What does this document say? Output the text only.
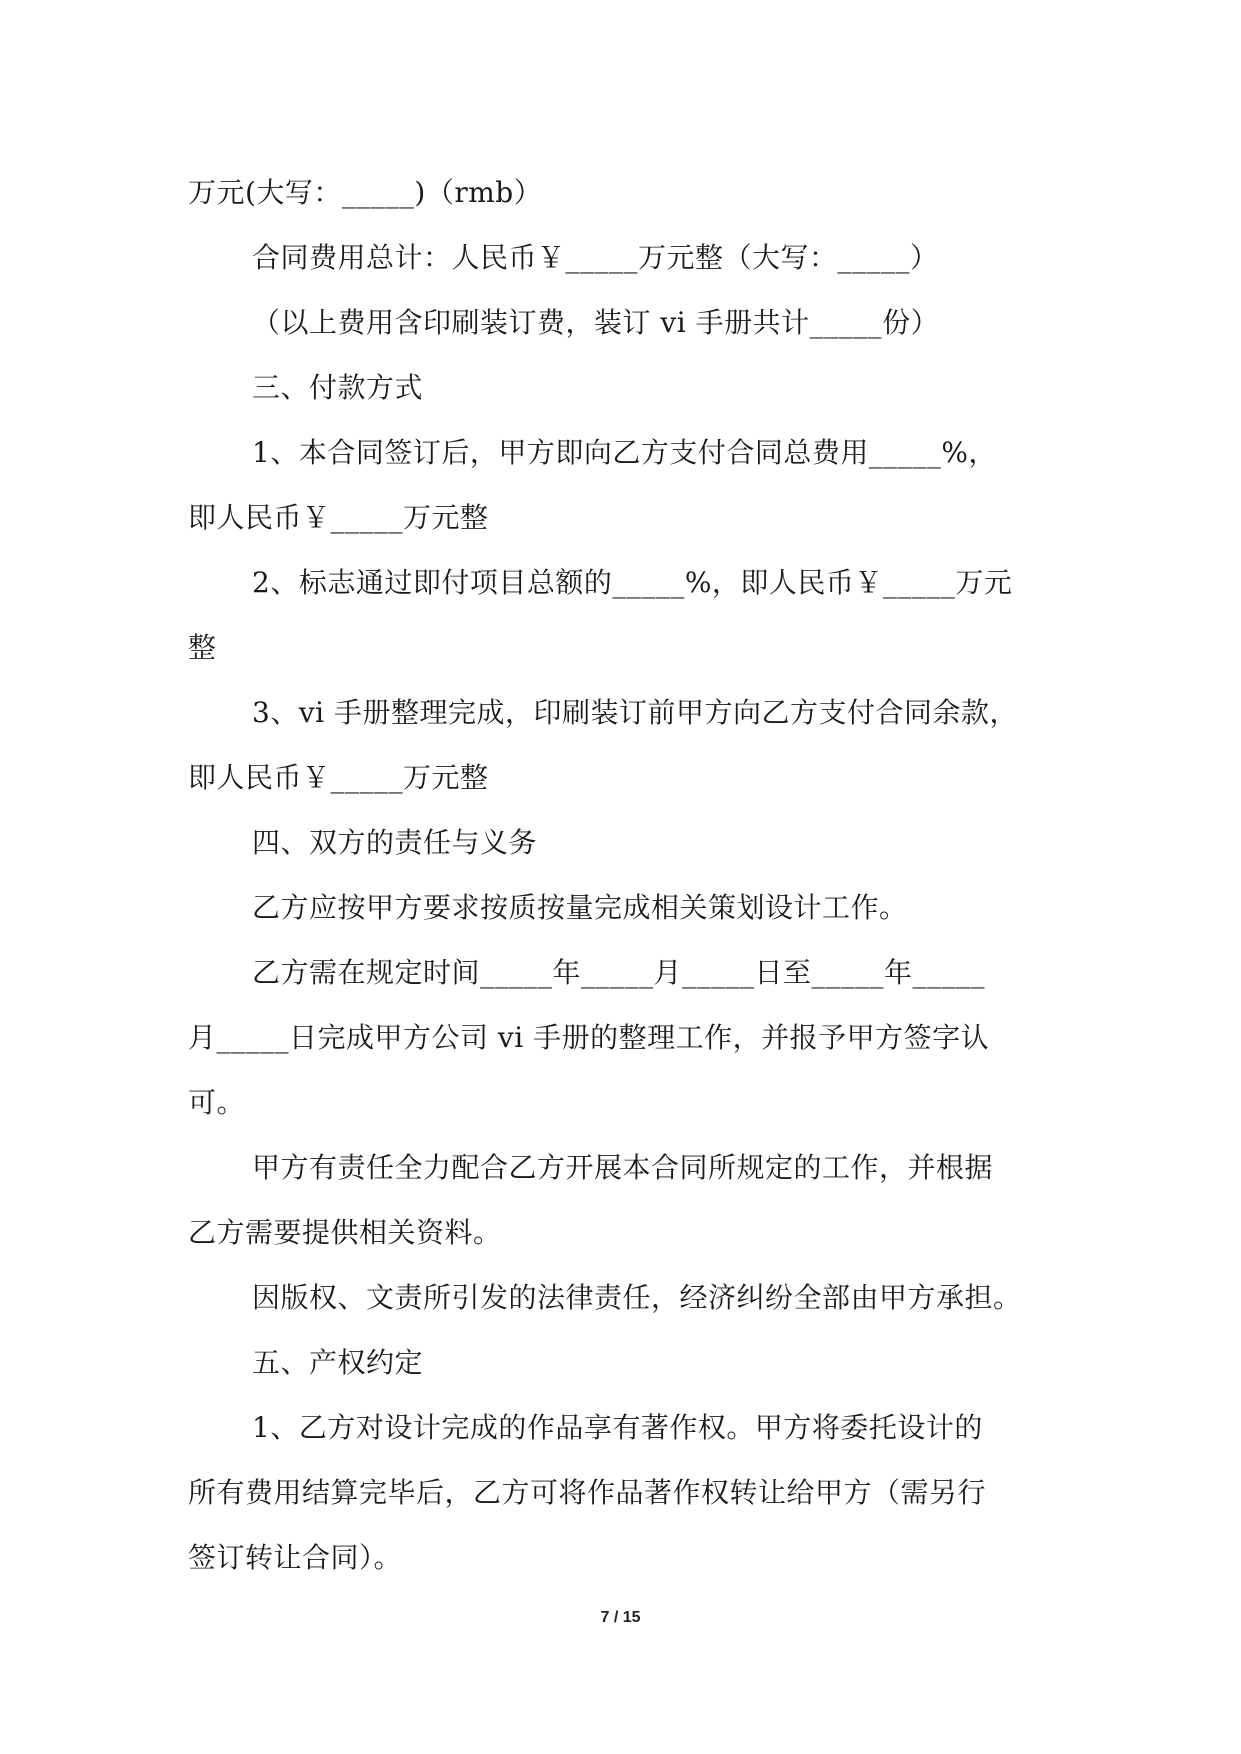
万元(大写：_____)（rmb）
合同费用总计：人民币￥_____万元整（大写：_____）
（以上费用含印刷装订费，装订 vi 手册共计_____份）
三、付款方式
1、本合同签订后，甲方即向乙方支付合同总费用_____%，
即人民币￥_____万元整
2、标志通过即付项目总额的_____%，即人民币￥_____万元
整
3、vi 手册整理完成，印刷装订前甲方向乙方支付合同余款，
即人民币￥_____万元整
四、双方的责任与义务
乙方应按甲方要求按质按量完成相关策划设计工作。
乙方需在规定时间_____年_____月_____日至_____年_____
月_____日完成甲方公司 vi 手册的整理工作，并报予甲方签字认
可。
甲方有责任全力配合乙方开展本合同所规定的工作，并根据
乙方需要提供相关资料。
因版权、文责所引发的法律责任，经济纠纷全部由甲方承担。
五、产权约定
1、乙方对设计完成的作品享有著作权。甲方将委托设计的
所有费用结算完毕后，乙方可将作品著作权转让给甲方（需另行
签订转让合同）。
7 / 15
